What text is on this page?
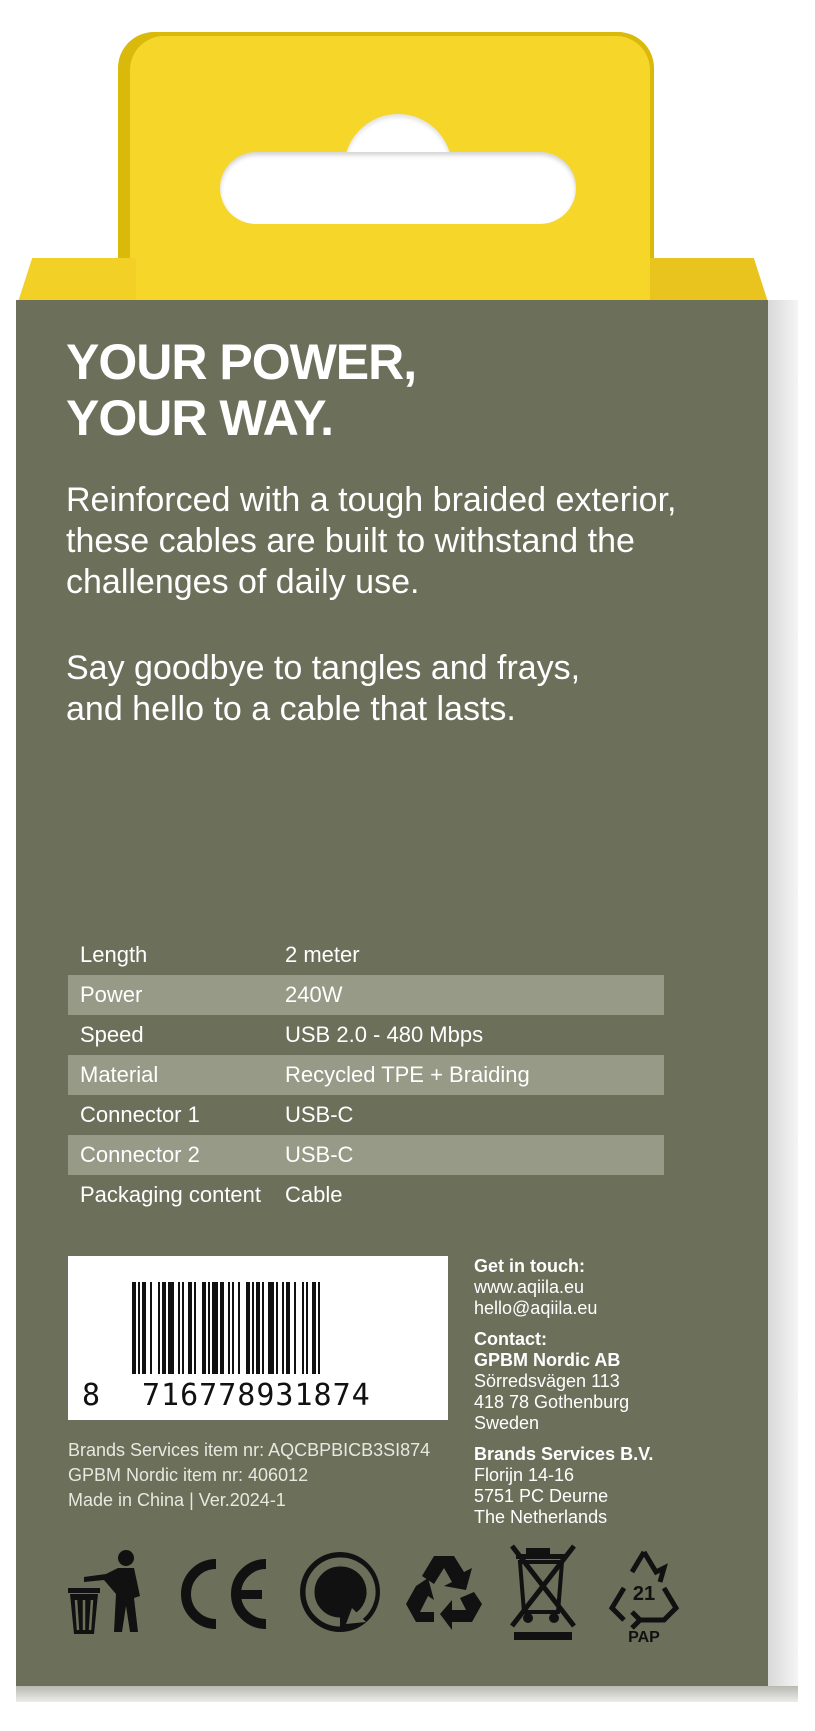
YOUR POWER,
YOUR WAY.

Reinforced with a tough braided exterior,
these cables are built to withstand the
challenges of daily use.

Say goodbye to tangles and frays,
and hello to a cable that lasts.

Length	2 meter
Power	240W
Speed	USB 2.0 - 480 Mbps
Material	Recycled TPE + Braiding
Connector 1	USB-C
Connector 2	USB-C
Packaging content	Cable
8 716778931874
Brands Services item nr: AQCBPBICB3SI874
GPBM Nordic item nr: 406012
Made in China | Ver.2024-1
Get in touch:
www.aqiila.eu
hello@aqiila.eu
Contact:
GPBM Nordic AB
Sörredsvägen 113
418 78 Gothenburg
Sweden
Brands Services B.V.
Florijn 14-16
5751 PC Deurne
The Netherlands
21
PAP
